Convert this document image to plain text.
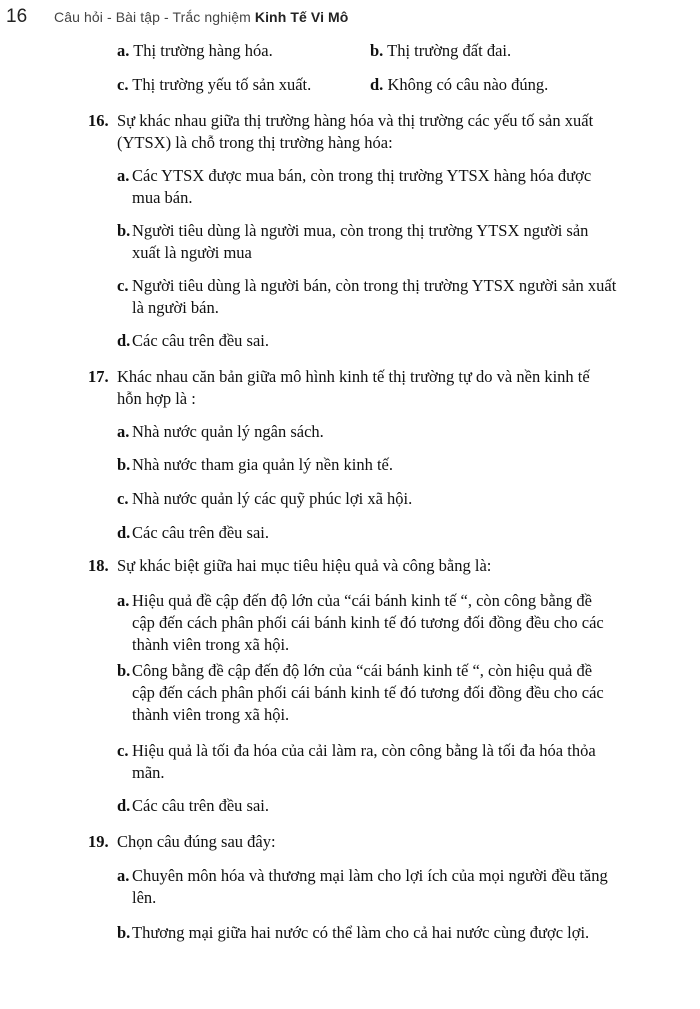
16 Câu hỏi - Bài tập - Trắc nghiệm Kinh Tế Vi Mô
a. Thị trường hàng hóa.	b. Thị trường đất đai.
c. Thị trường yếu tố sản xuất.	d. Không có câu nào đúng.
16. Sự khác nhau giữa thị trường hàng hóa và thị trường các yếu tố sản xuất (YTSX) là chỗ trong thị trường hàng hóa:
a. Các YTSX được mua bán, còn trong thị trường YTSX hàng hóa được mua bán.
b. Người tiêu dùng là người mua, còn trong thị trường YTSX người sản xuất là người mua
c. Người tiêu dùng là người bán, còn trong thị trường YTSX người sản xuất là người bán.
d. Các câu trên đều sai.
17. Khác nhau căn bản giữa mô hình kinh tế thị trường tự do và nền kinh tế hỗn hợp là :
a. Nhà nước quản lý ngân sách.
b. Nhà nước tham gia quản lý nền kinh tế.
c. Nhà nước quản lý các quỹ phúc lợi xã hội.
d. Các câu trên đều sai.
18. Sự khác biệt giữa hai mục tiêu hiệu quả và công bằng là:
a. Hiệu quả đề cập đến độ lớn của “cái bánh kinh tế “, còn công bằng đề cập đến cách phân phối cái bánh kinh tế đó tương đối đồng đều cho các thành viên trong xã hội.
b. Công bằng đề cập đến độ lớn của “cái bánh kinh tế “, còn hiệu quả đề cập đến cách phân phối cái bánh kinh tế đó tương đối đồng đều cho các thành viên trong xã hội.
c. Hiệu quả là tối đa hóa của cải làm ra, còn công bằng là tối đa hóa thỏa mãn.
d. Các câu trên đều sai.
19. Chọn câu đúng sau đây:
a. Chuyên môn hóa và thương mại làm cho lợi ích của mọi người đều tăng lên.
b. Thương mại giữa hai nước có thể làm cho cả hai nước cùng được lợi.
